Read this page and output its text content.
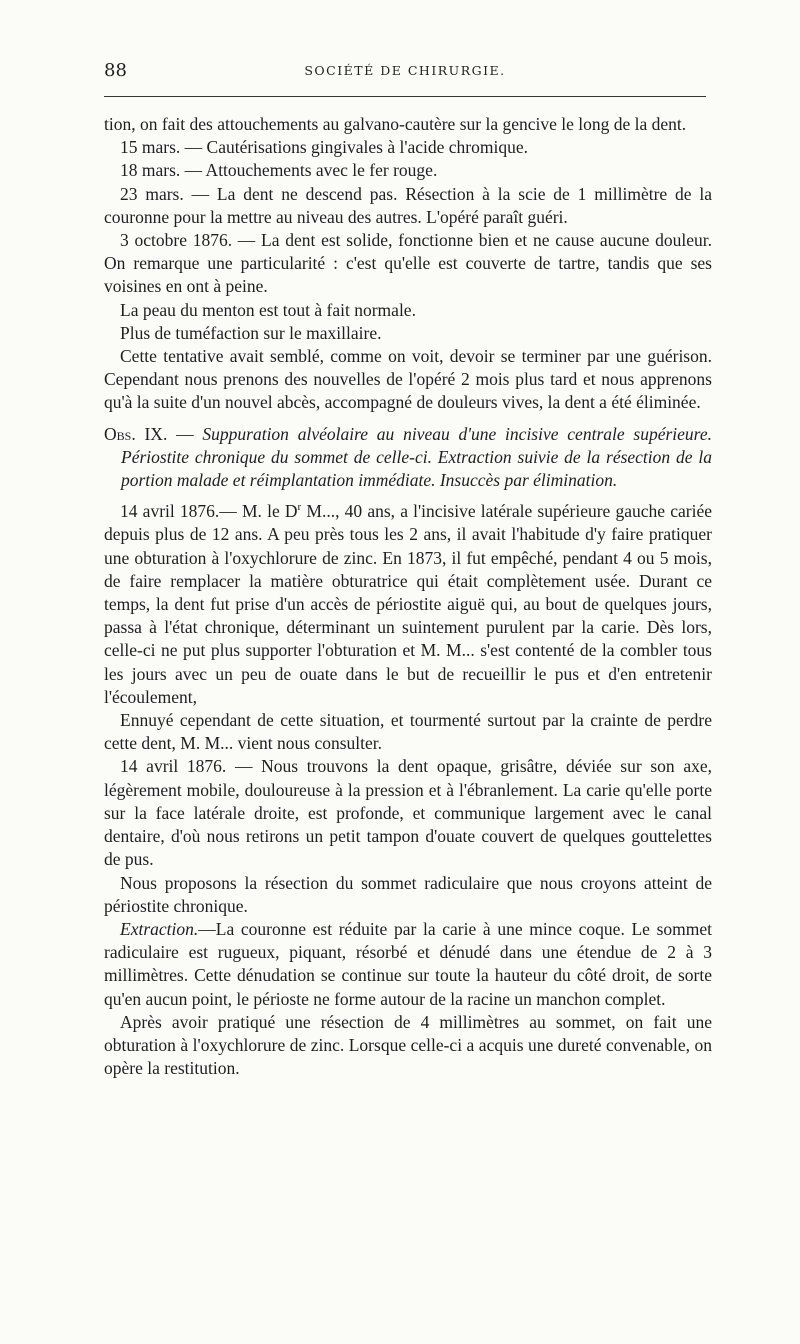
88	SOCIÉTÉ DE CHIRURGIE.

tion, on fait des attouchements au galvano-cautère sur la gencive le long de la dent.

15 mars. — Cautérisations gingivales à l'acide chromique.

18 mars. — Attouchements avec le fer rouge.

23 mars. — La dent ne descend pas. Résection à la scie de 1 millimètre de la couronne pour la mettre au niveau des autres. L'opéré paraît guéri.

3 octobre 1876. — La dent est solide, fonctionne bien et ne cause aucune douleur. On remarque une particularité : c'est qu'elle est couverte de tartre, tandis que ses voisines en ont à peine.

La peau du menton est tout à fait normale.

Plus de tuméfaction sur le maxillaire.

Cette tentative avait semblé, comme on voit, devoir se terminer par une guérison. Cependant nous prenons des nouvelles de l'opéré 2 mois plus tard et nous apprenons qu'à la suite d'un nouvel abcès, accompagné de douleurs vives, la dent a été éliminée.

Obs. IX. — Suppuration alvéolaire au niveau d'une incisive centrale supérieure. Périostite chronique du sommet de celle-ci. Extraction suivie de la résection de la portion malade et réimplantation immédiate. Insuccès par élimination.

14 avril 1876.— M. le $D^r$ M..., 40 ans, a l'incisive latérale supérieure gauche cariée depuis plus de 12 ans. A peu près tous les 2 ans, il avait l'habitude d'y faire pratiquer une obturation à l'oxychlorure de zinc. En 1873, il fut empêché, pendant 4 ou 5 mois, de faire remplacer la matière obturatrice qui était complètement usée. Durant ce temps, la dent fut prise d'un accès de périostite aiguë qui, au bout de quelques jours, passa à l'état chronique, déterminant un suintement purulent par la carie. Dès lors, celle-ci ne put plus supporter l'obturation et M. M... s'est contenté de la combler tous les jours avec un peu de ouate dans le but de recueillir le pus et d'en entretenir l'écoulement,

Ennuyé cependant de cette situation, et tourmenté surtout par la crainte de perdre cette dent, M. M... vient nous consulter.

14 avril 1876. — Nous trouvons la dent opaque, grisâtre, déviée sur son axe, légèrement mobile, douloureuse à la pression et à l'ébranlement. La carie qu'elle porte sur la face latérale droite, est profonde, et communique largement avec le canal dentaire, d'où nous retirons un petit tampon d'ouate couvert de quelques gouttelettes de pus.

Nous proposons la résection du sommet radiculaire que nous croyons atteint de périostite chronique.

Extraction.—La couronne est réduite par la carie à une mince coque. Le sommet radiculaire est rugueux, piquant, résorbé et dénudé dans une étendue de 2 à 3 millimètres. Cette dénudation se continue sur toute la hauteur du côté droit, de sorte qu'en aucun point, le périoste ne forme autour de la racine un manchon complet.

Après avoir pratiqué une résection de 4 millimètres au sommet, on fait une obturation à l'oxychlorure de zinc. Lorsque celle-ci a acquis une dureté convenable, on opère la restitution.
